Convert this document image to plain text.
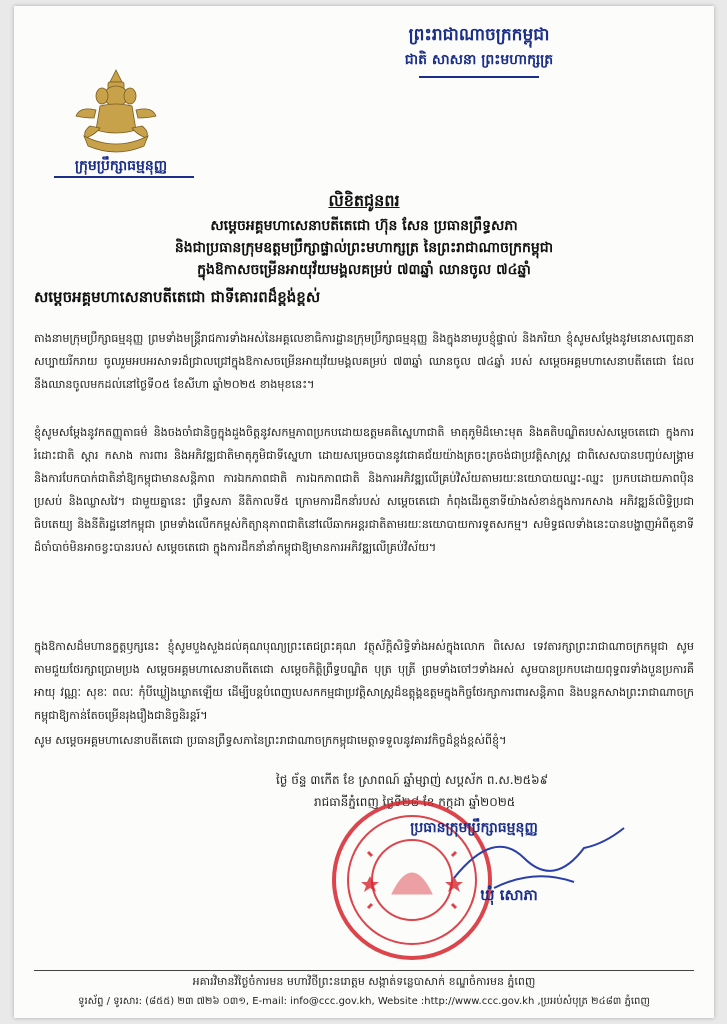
ព្រះរាជាណាចក្រកម្ពុជា

ជាតិ សាសនា ព្រះមហាក្សត្រ

ក្រុមប្រឹក្សាធម្មនុញ្ញ

លិខិតជូនពរ

សម្តេចអគ្គមហាសេនាបតីតេជោ ហ៊ុន សែន ប្រធានព្រឹទ្ធសភា

និងជាប្រធានក្រុមឧត្តមប្រឹក្សាផ្ទាល់ព្រះមហាក្សត្រ នៃព្រះរាជាណាចក្រកម្ពុជា

ក្នុងឱកាសចម្រើនអាយុវ័យមង្គលគម្រប់ ៧៣ឆ្នាំ ឈានចូល ៧៤ឆ្នាំ

សម្តេចអគ្គមហាសេនាបតីតេជោ ជាទីគោរពដ៏ខ្ពង់ខ្ពស់

តាងនាមក្រុមប្រឹក្សាធម្មនុញ្ញ ព្រមទាំងមន្ត្រីរាជការទាំងអស់នៃអគ្គលេខាធិការដ្ឋានក្រុមប្រឹក្សាធម្មនុញ្ញ និងក្នុងនាមរូបខ្ញុំផ្ទាល់ និងភរិយា ខ្ញុំសូមសម្តែងនូវមនោសញ្ចេតនាសប្បាយរីករាយ ចូលរួមអបអរសាទរដ៏ជ្រាលជ្រៅក្នុងឱកាសចម្រើនអាយុវ័យមង្គលគម្រប់ ៧៣ឆ្នាំ ឈានចូល ៧៤ឆ្នាំ របស់ សម្តេចអគ្គមហាសេនាបតីតេជោ ដែលនឹងឈានចូលមកដល់នៅថ្ងៃទី០៥ ខែសីហា ឆ្នាំ២០២៥ ខាងមុខនេះ។

ខ្ញុំសូមសម្តែងនូវកតញ្ញុតាធម៌ និងចងចាំជានិច្ចក្នុងដួងចិត្តនូវសកម្មភាពប្រកបដោយឧត្តមគតិស្នេហាជាតិ មាតុភូមិដ៏មោះមុត និងគតិបណ្ឌិតរបស់សម្តេចតេជោ ក្នុងការរំដោះជាតិ ស្តារ កសាង ការពារ និងអភិវឌ្ឍជាតិមាតុភូមិជាទីស្នេហា ដោយសម្រេចបាននូវជោគជ័យយ៉ាងត្រចះត្រចង់ជាប្រវត្តិសាស្ត្រ ជាពិសេសបានបញ្ចប់សង្គ្រាម និងការបែកបាក់ជាតិនាំឱ្យកម្ពុជាមានសន្តិភាព ការឯកភាពជាតិ ការឯកភាពជាតិ និងការអភិវឌ្ឍលើគ្រប់វិស័យតាមរយៈនយោបាយឈ្នះ-ឈ្នះ ប្រកបដោយភាពប៉ិនប្រសប់ និងឈ្លាសវៃ។ ជាមួយគ្នានេះ ព្រឹទ្ធសភា នីតិកាលទី៥ ក្រោមការដឹកនាំរបស់ សម្តេចតេជោ កំពុងដើរតួនាទីយ៉ាងសំខាន់ក្នុងការកសាង អភិវឌ្ឍន៍លិទ្ធិប្រជាធិបតេយ្យ និងនីតិរដ្ឋនៅកម្ពុជា ព្រមទាំងលើកកម្ពស់កិត្យានុភាពជាតិនៅលើឆាកអន្តរជាតិតាមរយៈនយោបាយការទូតសកម្ម។ សមិទ្ធផលទាំងនេះបានបង្ហាញអំពីតួនាទីដ៏ចាំបាច់មិនអាចខ្វះបានរបស់ សម្តេចតេជោ ក្នុងការដឹកនាំនាំកម្ពុជាឱ្យមានការអភិវឌ្ឍលើគ្រប់វិស័យ។

ក្នុងឱកាសដ៏មហានក្ខត្តឫក្សនេះ ខ្ញុំសូមបួងសួងដល់គុណបុណ្យព្រះតេជព្រះគុណ វត្ថុស័ក្តិសិទ្ធិទាំងអស់ក្នុងលោក ពិសេស ទេវតារក្សាព្រះរាជាណាចក្រកម្ពុជា សូមតាមជួយថែរក្សាប្រោមប្រង សម្តេចអគ្គមហាសេនាបតីតេជោ សម្តេចកិត្តិព្រឹទ្ធបណ្ឌិត បុត្រ បុត្រី ព្រមទាំងចៅៗទាំងអស់ សូមបានប្រកបដោយពុទ្ធពរទាំងបួនប្រការគឺ អាយុ វណ្ណៈ សុខៈ ពលៈ កុំបីឃ្លៀងឃ្លាតឡើយ ដើម្បីបន្តបំពេញបេសកកម្មជាប្រវត្តិសាស្ត្រដ៏ឧត្តុង្គឧត្តមក្នុងកិច្ចថែរក្សាការពារសន្តិភាព និងបន្តកសាងព្រះរាជាណាចក្រកម្ពុជាឱ្យកាន់តែចម្រើនរុងរឿងជានិច្ចនិរន្តរ៍។

សូម សម្តេចអគ្គមហាសេនាបតីតេជោ ប្រធានព្រឹទ្ធសភានៃព្រះរាជាណាចក្រកម្ពុជាមេត្តាទទួលនូវគារវកិច្ចដ៏ខ្ពង់ខ្ពស់ពីខ្ញុំ។

ថ្ងៃ ច័ន្ទ ៣កើត ខែ ស្រាពណ៍ ឆ្នាំម្សាញ់ សប្តស័ក ព.ស.២៥៦៩

រាជធានីភ្នំពេញ ថ្ងៃទី២៨ ខែ កក្កដា ឆ្នាំ២០២៥

ប្រធានក្រុមប្រឹក្សាធម្មនុញ្ញ

ឃុំ សោភា

អគារវិមានវិថ្ងៃចំការមន មហាវិថីព្រះនរោត្តម សង្កាត់ទន្លេបាសាក់ ខណ្ឌចំការមន ភ្នំពេញ

ទូរស័ព្ទ / ទូរសារ: (៨៥៥) ២៣ ៧២៦ ០៣១, E-mail: info@ccc.gov.kh, Website :http://www.ccc.gov.kh ,ប្រអប់សំបុត្រ ២៤៨៣ ភ្នំពេញ
